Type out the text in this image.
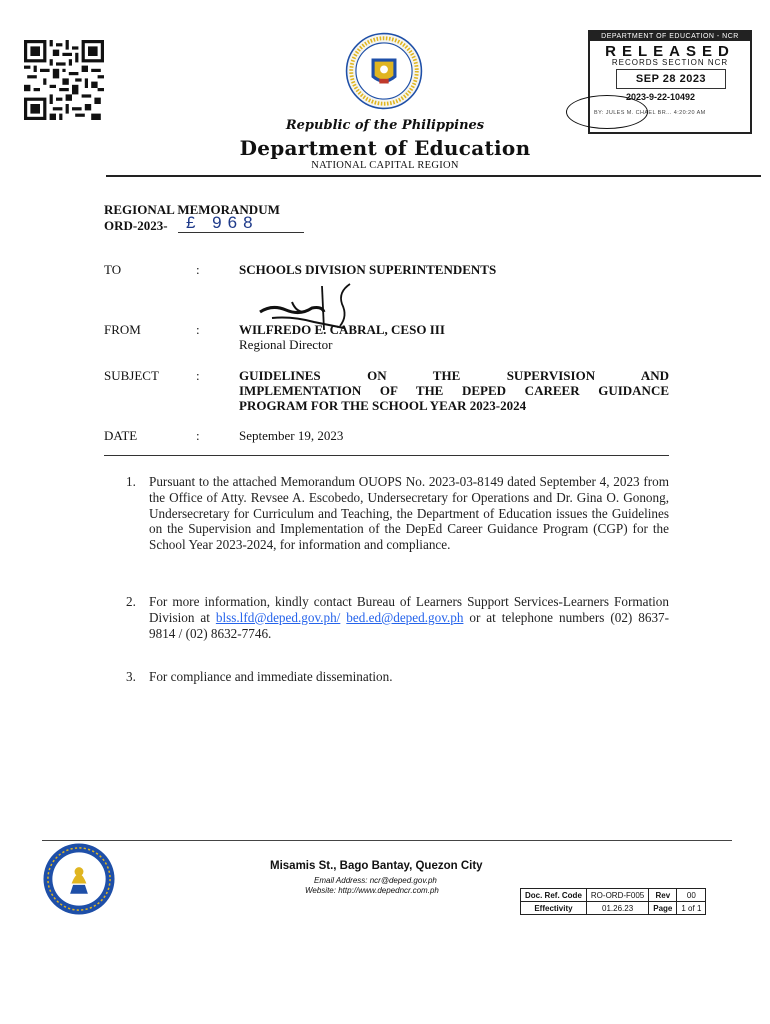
DEPARTMENT OF EDUCATION - NCR
RELEASED
RECORDS SECTION NCR
SEP 28 2023
2023-9-22-10492
BY: JULES M. CHAEL BR... 4:20:20 AM
Republic of the Philippines
Department of Education
NATIONAL CAPITAL REGION
REGIONAL MEMORANDUM
ORD-2023-	£ 968
TO	:	SCHOOLS DIVISION SUPERINTENDENTS
FROM	:	WILFREDO E. CABRAL, CESO III
Regional Director
SUBJECT	:	GUIDELINES ON THE SUPERVISION AND
IMPLEMENTATION OF THE DEPED CAREER GUIDANCE
PROGRAM FOR THE SCHOOL YEAR 2023-2024
DATE	:	September 19, 2023
1. Pursuant to the attached Memorandum OUOPS No. 2023-03-8149 dated September 4, 2023 from the Office of Atty. Revsee A. Escobedo, Undersecretary for Operations and Dr. Gina O. Gonong, Undersecretary for Curriculum and Teaching, the Department of Education issues the Guidelines on the Supervision and Implementation of the DepEd Career Guidance Program (CGP) for the School Year 2023-2024, for information and compliance.
2. For more information, kindly contact Bureau of Learners Support Services-Learners Formation Division at blss.lfd@deped.gov.ph/ bed.ed@deped.gov.ph or at telephone numbers (02) 8637-9814 / (02) 8632-7746.
3. For compliance and immediate dissemination.
Misamis St., Bago Bantay, Quezon City
Email Address: ncr@deped.gov.ph
Website: http://www.depedncr.com.ph	Doc. Ref. Code	RO-ORD-F005	Rev	00
Effectivity	01.26.23	Page	1 of 1
